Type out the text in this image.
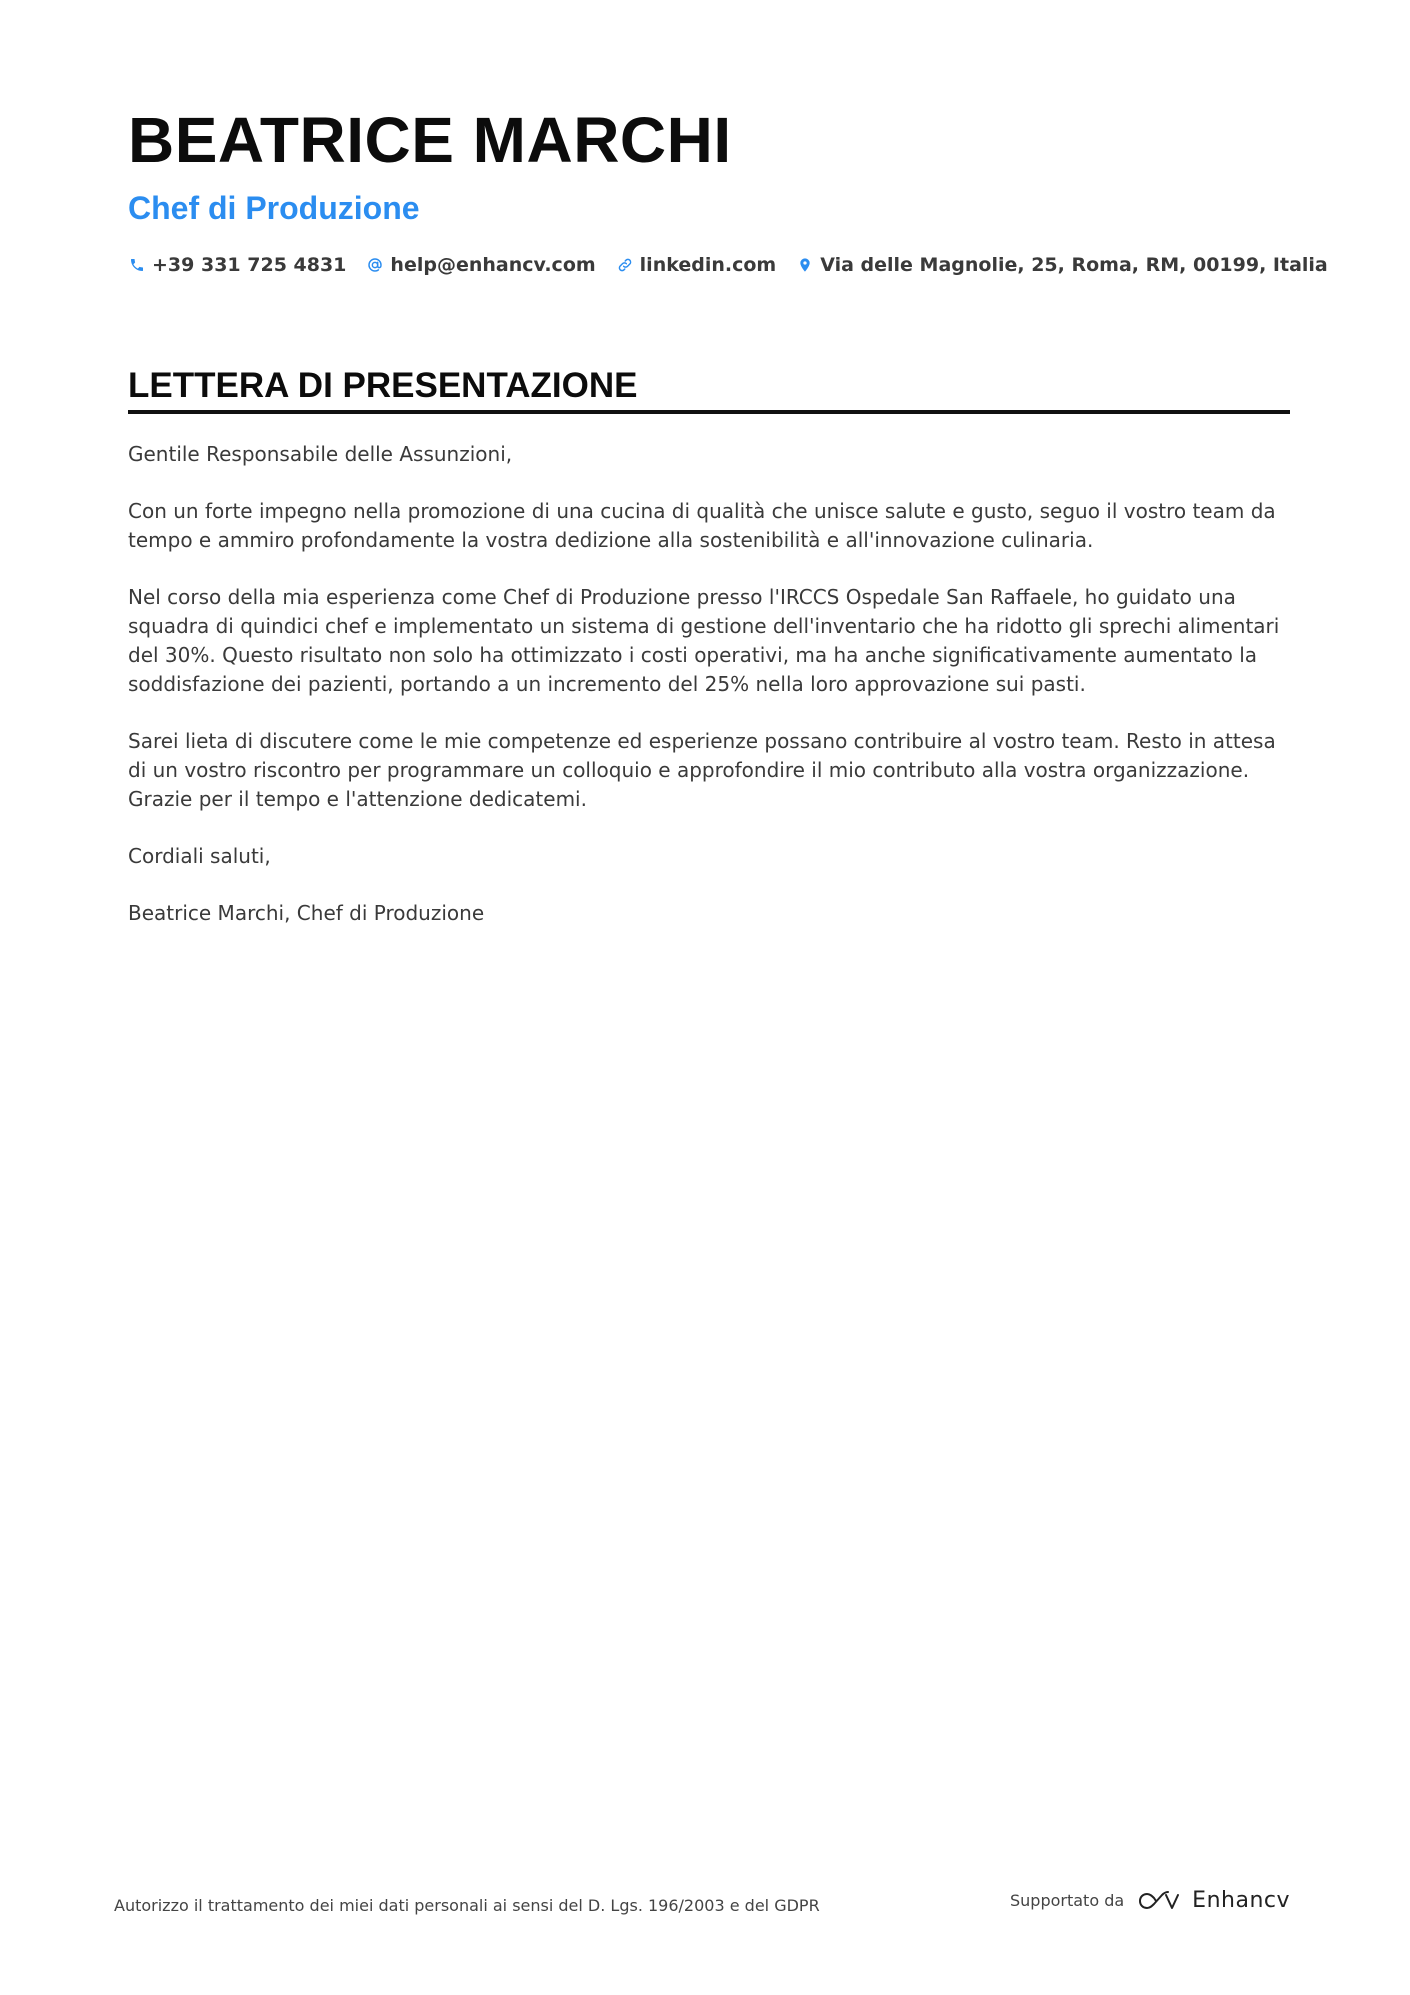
BEATRICE MARCHI
Chef di Produzione
+39 331 725 4831 help@enhancv.com linkedin.com Via delle Magnolie, 25, Roma, RM, 00199, Italia
LETTERA DI PRESENTAZIONE

Gentile Responsabile delle Assunzioni,

Con un forte impegno nella promozione di una cucina di qualità che unisce salute e gusto, seguo il vostro team da tempo e ammiro profondamente la vostra dedizione alla sostenibilità e all'innovazione culinaria.

Nel corso della mia esperienza come Chef di Produzione presso l'IRCCS Ospedale San Raffaele, ho guidato una squadra di quindici chef e implementato un sistema di gestione dell'inventario che ha ridotto gli sprechi alimentari del 30%. Questo risultato non solo ha ottimizzato i costi operativi, ma ha anche significativamente aumentato la soddisfazione dei pazienti, portando a un incremento del 25% nella loro approvazione sui pasti.

Sarei lieta di discutere come le mie competenze ed esperienze possano contribuire al vostro team. Resto in attesa di un vostro riscontro per programmare un colloquio e approfondire il mio contributo alla vostra organizzazione. Grazie per il tempo e l'attenzione dedicatemi.

Cordiali saluti,

Beatrice Marchi, Chef di Produzione

Autorizzo il trattamento dei miei dati personali ai sensi del D. Lgs. 196/2003 e del GDPR	Supportato da	Enhancv
